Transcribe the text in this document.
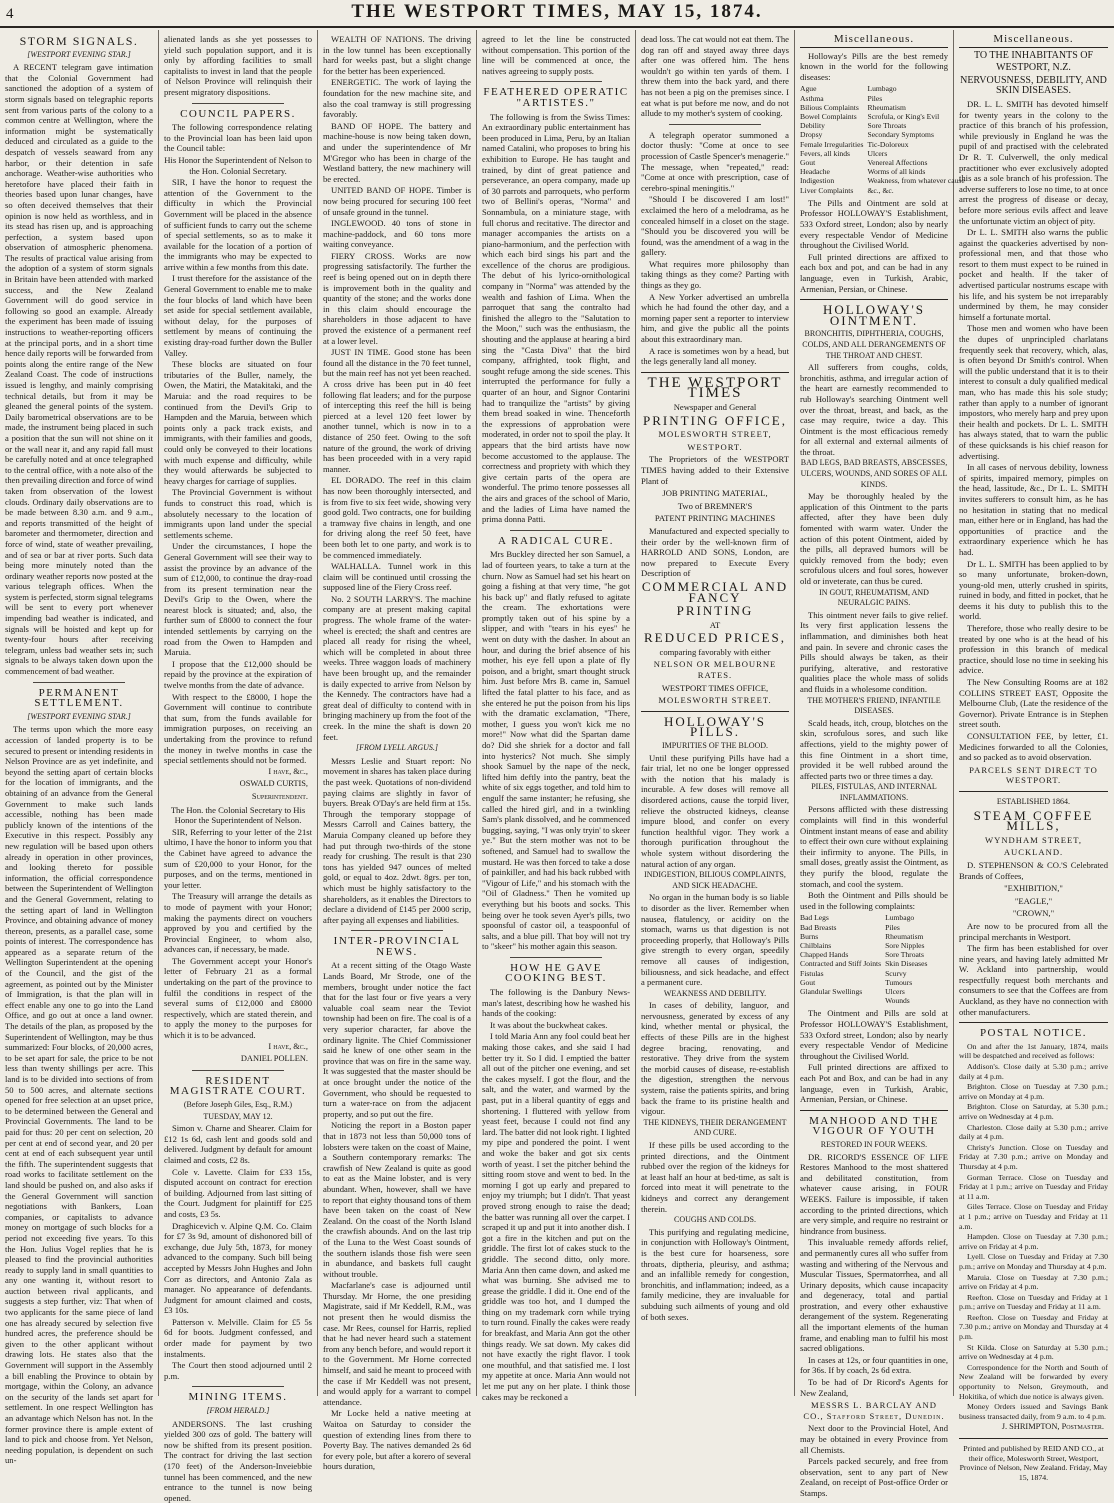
4	THE WESTPORT TIMES, MAY 15, 1874.
STORM SIGNALS.
[WESTPORT EVENING STAR.]

A RECENT telegram gave intimation that the Colonial Government had sanctioned the adoption of a system of storm signals based on telegraphic reports sent from various parts of the colony to a common centre at Wellington, where the information might be systematically deduced and circulated as a guide to the despatch of vessels seaward from any harbor, or their detention in safe anchorage. Weather-wise authorities who heretofore have placed their faith in theories based upon lunar changes, have so often deceived themselves that their opinion is now held as worthless, and in its stead has risen up, and is approaching perfection, a system based upon observation of atmospheric phenomena. The results of practical value arising from the adoption of a system of storm signals in Britain have been attended with marked success, and the New Zealand Government will do good service in following so good an example. Already the experiment has been made of issuing instructions to weather-reporting officers at the principal ports, and in a short time hence daily reports will be forwarded from points along the entire range of the New Zealand Coast. The code of instructions issued is lengthy, and mainly comprising technical details, but from it may be gleaned the general points of the system. Daily barometrical observations are to be made, the instrument being placed in such a position that the sun will not shine on it or the wall near it, and any rapid fall must be carefully noted and at once telegraphed to the central office, with a note also of the then prevailing direction and force of wind taken from observation of the lowest clouds. Ordinary daily observations are to be made between 8.30 a.m. and 9 a.m., and reports transmitted of the height of barometer and thermometer, direction and force of wind, state of weather prevailing, and of sea or bar at river ports. Such data being more minutely noted than the ordinary weather reports now posted at the various telegraph offices. When the system is perfected, storm signal telegrams will be sent to every port whenever impending bad weather is indicated, and signals will be hoisted and kept up for twenty-four hours after receiving telegram, unless bad weather sets in; such signals to be always taken down upon the commencement of bad weather.

PERMANENT SETTLEMENT.
[WESTPORT EVENING STAR.]

The terms upon which the more easy accession of landed property is to be secured to present or intending residents in Nelson Province are as yet indefinite, and beyond the setting apart of certain blocks for the location of immigrants, and the obtaining of an advance from the General Government to make such lands accessible, nothing has been made publicly known of the intentions of the Executive in this respect. Possibly any new regulation will be based upon others already in operation in other provinces, and looking thereto for possible information, the official correspondence between the Superintendent of Wellington and the General Government, relating to the setting apart of land in Wellington Province, and obtaining advance of money thereon, presents, as a parallel case, some points of interest. The correspondence has appeared as a separate return of the Wellington Superintendent at the opening of the Council, and the gist of the agreement, as pointed out by the Minister of Immigration, is that the plan will in effect enable any one to go into the Land Office, and go out at once a land owner. The details of the plan, as proposed by the Superintendent of Wellington, may be thus summarized: Four blocks, of 20,000 acres, to be set apart for sale, the price to be not less than twenty shillings per acre. This land is to be divided into sections of from 50 to 500 acres, and alternate sections opened for free selection at an upset price, to be determined between the General and Provincial Governments. The land to be paid for thus: 20 per cent on selection, 20 per cent at end of second year, and 20 per cent at end of each subsequent year until the fifth. The superintendent suggests that road works to facilitate settlement on the land should be pushed on, and also asks if the General Government will sanction negotiations with Bankers, Loan companies, or capitalists to advance money on mortgage of such blocks for a period not exceeding five years. To this the Hon. Julius Vogel replies that he is pleased to find the provincial authorities ready to supply land in small quantities to any one wanting it, without resort to auction between rival applicants, and suggests a step further, viz: That when of two applicants for the same piece of land one has already secured by selection five hundred acres, the preference should be given to the other applicant without drawing lots. He states also that the Government will support in the Assembly a bill enabling the Province to obtain by mortgage, within the Colony, an advance on the security of the lands set apart for settlement. In one respect Wellington has an advantage which Nelson has not. In the former province there is ample extent of land to pick and choose from. Yet Nelson, needing population, is dependent on such un-

alienated lands as she yet possesses to yield such population support, and it is only by affording facilities to small capitalists to invest in land that the people of Nelson Province will relinquish their present migratory dispositions.

COUNCIL PAPERS.

The following correspondence relating to the Provincial loan has been laid upon the Council table:

His Honor the Superintendent of Nelson to the Hon. Colonial Secretary.

SIR, I have the honor to request the attention of the Government to the difficulty in which the Provincial Government will be placed in the absence of sufficient funds to carry out the scheme of special settlements, so as to make it available for the location of a portion of the immigrants who may be expected to arrive within a few months from this date.

I trust therefore for the assistance of the General Government to enable me to make the four blocks of land which have been set aside for special settlement available, without delay, for the purposes of settlement by means of continuing the existing dray-road further down the Buller Valley.

These blocks are situated on four tributaries of the Buller, namely, the Owen, the Matiri, the Matakitaki, and the Maruia: and the road requires to be continued from the Devil's Grip to Hampden and the Maruia, between which points only a pack track exists, and immigrants, with their families and goods, could only be conveyed to their locations with much expense and difficulty, while they would afterwards be subjected to heavy charges for carriage of supplies.

The Provincial Government is without funds to construct this road, which is absolutely necessary to the location of immigrants upon land under the special settlements scheme.

Under the circumstances, I hope the General Government will see their way to assist the province by an advance of the sum of £12,000, to continue the dray-road from its present termination near the Devil's Grip to the Owen, where the nearest block is situated; and, also, the further sum of £8000 to connect the four intended settlements by carrying on the road from the Owen to Hampden and Maruia.

I propose that the £12,000 should be repaid by the province at the expiration of twelve months from the date of advance.

With respect to the £8000, I hope the Government will continue to contribute that sum, from the funds available for immigration purposes, on receiving an undertaking from the province to refund the money in twelve months in case the special settlements should not be formed.

I have, &c.,
OSWALD CURTIS,
Superintendent.

The Hon. the Colonial Secretary to His Honor the Superintendent of Nelson.

SIR, Referring to your letter of the 21st ultimo, I have the honor to inform you that the Cabinet have agreed to advance the sum of £20,000 to your Honor, for the purposes, and on the terms, mentioned in your letter.

The Treasury will arrange the details as to mode of payment with your Honor; making the payments direct on vouchers approved by you and certified by the Provincial Engineer, to whom also, advances can, if necessary, be made.

The Government accept your Honor's letter of February 21 as a formal undertaking on the part of the province to fulfil the conditions in respect of the several sums of £12,000 and £8000 respectively, which are stated therein, and to apply the money to the purposes for which it is to be advanced.

I have, &c.,
DANIEL POLLEN.
RESIDENT MAGISTRATE COURT.
(Before Joseph Giles, Esq., R.M.)
TUESDAY, MAY 12.

Simon v. Charne and Shearer. Claim for £12 1s 6d, cash lent and goods sold and delivered. Judgment by default for amount claimed and costs, £2 8s.

Cole v. Lavette. Claim for £33 15s, disputed account on contract for erection of building. Adjourned from last sitting of the Court. Judgment for plaintiff for £25 and costs, £3 5s.

Draghicevich v. Alpine Q.M. Co. Claim for £7 3s 9d, amount of dishonored bill of exchange, due July 5th, 1873, for money advanced to the company. Such bill being accepted by Messrs John Hughes and John Corr as directors, and Antonio Zala as manager. No appearance of defendants. Judgment for amount claimed and costs, £3 10s.

Patterson v. Melville. Claim for £5 5s 6d for boots. Judgment confessed, and order made for payment by two instalments.

The Court then stood adjourned until 2 p.m.

MINING ITEMS.
[FROM HERALD.]

ANDERSONS. The last crushing yielded 300 ozs of gold. The battery will now be shifted from its present position. The contract for driving the last section (170 feet) of the Anderson-Inveiebbie tunnel has been commenced, and the new entrance to the tunnel is now being opened.

WEALTH OF NATIONS. The driving in the low tunnel has been exceptionally hard for weeks past, but a slight change for the better has been experienced.

ENERGETIC. The work of laying the foundation for the new machine site, and also the coal tramway is still progressing favorably.

BAND OF HOPE. The battery and machine-house is now being taken down, and under the superintendence of Mr M'Gregor who has been in charge of the Westland battery, the new machinery will be erected.

UNITED BAND OF HOPE. Timber is now being procured for securing 100 feet of unsafe ground in the tunnel.

INGLEWOOD. 40 tons of stone in machine-paddock, and 60 tons more waiting conveyance.

FIERY CROSS. Works are now progressing satisfactorily. The further the reef is being opened out on in depth there is improvement both in the quality and quantity of the stone; and the works done in this claim should encourage the shareholders in those adjacent to have proved the existence of a permanent reef at a lower level.

JUST IN TIME. Good stone has been found all the distance in the 70 feet tunnel, but the main reef has not yet been reached. A cross drive has been put in 40 feet following flat leaders; and for the purpose of intercepting this reef the hill is being pierced at a level 120 feet lower by another tunnel, which is now in to a distance of 250 feet. Owing to the soft nature of the ground, the work of driving has been proceeded with in a very rapid manner.

EL DORADO. The reef in this claim has now been thoroughly intersected, and is from five to six feet wide, showing very good gold. Two contracts, one for building a tramway five chains in length, and one for driving along the reef 50 feet, have been both let to one party, and work is to be commenced immediately.

WALHALLA. Tunnel work in this claim will be continued until crossing the supposed line of the Fiery Cross reef.

No. 2 SOUTH LARRY'S. The machine company are at present making capital progress. The whole frame of the water-wheel is erected; the shaft and centres are placed all ready for rising the wheel, which will be completed in about three weeks. Three waggon loads of machinery have been brought up, and the remainder is daily expected to arrive from Nelson by the Kennedy. The contractors have had a great deal of difficulty to contend with in bringing machinery up from the foot of the creek. In the mine the shaft is down 20 feet.

[FROM LYELL ARGUS.]

Messrs Leslie and Stuart report: No movement in shares has taken place during the past week. Quotations of non-dividend paying claims are slightly in favor of buyers. Break O'Day's are held firm at 15s. Through the temporary stoppage of Messrs Carroll and Caines battery, the Maruia Company cleaned up before they had put through two-thirds of the stone ready for crushing. The result is that 230 tons has yielded 947 ounces of melted gold, or equal to 4oz. 2dwt. 8grs. per ton, which must be highly satisfactory to the shareholders, as it enables the Directors to declare a dividend of £145 per 2000 scrip, after paying all expenses and liabilities.

INTER-PROVINCIAL NEWS.

At a recent sitting of the Otago Waste Lands Board, Mr Strode, one of the members, brought under notice the fact that for the last four or five years a very valuable coal seam near the Teviot township had been on fire. The coal is of a very superior character, far above the ordinary lignite. The Chief Commissioner said he knew of one other seam in the province that was on fire in the same way. It was suggested that the master should be at once brought under the notice of the Government, who should be requested to turn a water-race on from the adjacent property, and so put out the fire.

Noticing the report in a Boston paper that in 1873 not less than 50,000 tons of lobsters were taken on the coast of Maine, a Southern contemporary remarks: The crawfish of New Zealand is quite as good to eat as the Maine lobster, and is very abundant. When, however, shall we have to report that eighty thousand tons of them have been taken on the coast of New Zealand. On the coast of the North Island the crawfish abounds. And on the last trip of the Luna to the West Coast sounds of the southern islands those fish were seen in abundance, and baskets full caught without trouble.

Macfarlane's case is adjourned until Thursday. Mr Horne, the one presiding Magistrate, said if Mr Keddell, R.M., was not present then he would dismiss the case. Mr Rees, counsel for Harris, replied that he had never heard such a statement from any bench before, and would report it to the Government. Mr Horne corrected himself, and said he meant to proceed with the case if Mr Keddell was not present, and would apply for a warrant to compel attendance.

Mr Locke held a native meeting at Waitoa on Saturday to consider the question of extending lines from there to Poverty Bay. The natives demanded 2s 6d for every pole, but after a korero of several hours duration,

agreed to let the line be constructed without compensation. This portion of the line will be commenced at once, the natives agreeing to supply posts.

FEATHERED OPERATIC "ARTISTES."

The following is from the Swiss Times: An extraordinary public entertainment has been produced in Lima, Peru, by an Italian named Catalini, who proposes to bring his exhibition to Europe. He has taught and trained, by dint of great patience and perseverance, an opera company, made up of 30 parrots and parroquets, who perform two of Bellini's operas, "Norma" and Sonnambula, on a miniature stage, with full chorus and recitative. The director and manager accompanies the artists on a piano-harmonium, and the perfection with which each bird sings his part and the excellence of the chorus are prodigious. The debut of his lyrico-ornithological company in "Norma" was attended by the wealth and fashion of Lima. When the parroquet that sang the contralto had finished the allegro to the "Salutation to the Moon," such was the enthusiasm, the shouting and the applause at hearing a bird sing the "Casta Diva" that the bird company, affrighted, took flight, and sought refuge among the side scenes. This interrupted the performance for fully a quarter of an hour, and Signor Contarini had to tranquilize the "artists" by giving them bread soaked in wine. Thenceforth the expressions of approbation were moderated, in order not to spoil the play. It appears that the bird artists have now become accustomed to the applause. The correctness and propriety with which they give certain parts of the opera are wonderful. The primo tenore possesses all the airs and graces of the school of Mario, and the ladies of Lima have named the prima donna Patti.

A RADICAL CURE.

Mrs Buckley directed her son Samuel, a lad of fourteen years, to take a turn at the churn. Now as Samuel had set his heart on going a fishing at that very time, "he got his back up" and flatly refused to agitate the cream. The exhortations were promptly taken out of his spine by a slipper, and with "tears in his eyes" he went on duty with the dasher. In about an hour, and during the brief absence of his mother, his eye fell upon a plate of fly poison, and a bright, smart thought struck him. Just before Mrs B. came in, Samuel lifted the fatal platter to his face, and as she entered he put the poison from his lips with the dramatic exclamation, "There, mother, I guess you won't kick me no more!" Now what did the Spartan dame do? Did she shriek for a doctor and fall into hysterics? Not much. She simply shook Samuel by the nape of the neck, lifted him deftly into the pantry, beat the white of six eggs together, and told him to engulf the same instanter; he refusing, she called the hired girl, and in a twinkling Sam's plank dissolved, and he commenced bugging, saying, "I was only tryin' to skeer ye." But the stern mother was not to be softened, and Samuel had to swallow the mustard. He was then forced to take a dose of painkiller, and had his back rubbed with "Vigour of Life," and his stomach with the "Oil of Gladness." Then he vomited up everything but his boots and socks. This being over he took seven Ayer's pills, two spoonsful of castor oil, a teaspoonful of salts, and a blue pill. That boy will not try to "skeer" his mother again this season.

HOW HE GAVE COOKING BEST.

The following is the Danbury News-man's latest, describing how he washed his hands of the cooking:

It was about the buckwheat cakes.

I told Maria Ann any fool could beat her making those cakes, and she said I had better try it. So I did. I emptied the batter all out of the pitcher one evening, and set the cakes myself. I got the flour, and the salt, and the water, and warmed by the past, put in a liberal quantity of eggs and shortening. I fluttered with yellow from yeast feet, because I could not find any lard. The batter did not look right. I lighted my pipe and pondered the point. I went and woke the baker and got six cents worth of yeast. I set the pitcher behind the sitting room stove and went to bed. In the morning I got up early and prepared to enjoy my triumph; but I didn't. That yeast proved strong enough to raise the dead; the batter was running all over the carpet. I scraped it up and put it into another dish. I got a fire in the kitchen and put on the griddle. The first lot of cakes stuck to the griddle. The second ditto, only more. Maria Ann then came down, and asked me what was burning. She advised me to grease the griddle. I did it. One end of the griddle was too hot, and I dumped the thing on my trademark corn while trying to turn round. Finally the cakes were ready for breakfast, and Maria Ann got the other things ready. We sat down. My cakes did not have exactly the right flavor. I took one mouthful, and that satisfied me. I lost my appetite at once. Maria Ann would not let me put any on her plate. I think those cakes may be reckoned a

dead loss. The cat would not eat them. The dog ran off and stayed away three days after one was offered him. The hens wouldn't go within ten yards of them. I threw them into the back yard, and there has not been a pig on the premises since. I eat what is put before me now, and do not allude to my mother's system of cooking.

A telegraph operator summoned a doctor thusly: "Come at once to see procession of Castle Spencer's menagerie." The message, when "repeated," read: "Come at once with prescription, case of cerebro-spinal meningitis."

"Should I be discovered I am lost!" exclaimed the hero of a melodrama, as he concealed himself in a closet on the stage. "Should you be discovered you will be found, was the amendment of a wag in the gallery.

What requires more philosophy than taking things as they come? Parting with things as they go.

A New Yorker advertised an umbrella which he had found the other day, and a morning paper sent a reporter to interview him, and give the public all the points about this extraordinary man.

A race is sometimes won by a head, but the legs generally land all money.

THE WESTPORT TIMES
Newspaper and General
PRINTING OFFICE,
MOLESWORTH STREET,
WESTPORT.

The Proprietors of the WESTPORT TIMES having added to their Extensive Plant of

JOB PRINTING MATERIAL,
Two of BREMNER'S
PATENT PRINTING MACHINES

Manufactured and expected specially to their order by the well-known firm of HARROLD AND SONS, London, are now prepared to Execute Every Description of

COMMERCIAL AND FANCY
PRINTING
AT
REDUCED PRICES,
comparing favorably with either
NELSON OR MELBOURNE RATES.
WESTPORT TIMES OFFICE,
MOLESWORTH STREET.
HOLLOWAY'S PILLS.
IMPURITIES OF THE BLOOD.

Until these purifying Pills have had a fair trial, let no one be longer oppressed with the notion that his malady is incurable. A few doses will remove all disordered actions, cause the torpid liver, relieve the obstructed kidneys, cleanse impure blood, and confer on every function healthful vigor. They work a thorough purification throughout the whole system without disordering the natural action of any organ.

INDIGESTION, BILIOUS COMPLAINTS, AND SICK HEADACHE.

No organ in the human body is so liable to disorder as the liver. Remember when nausea, flatulency, or acidity on the stomach, warns us that digestion is not proceeding properly, that Holloway's Pills give strength to every organ, speedily remove all causes of indigestion, biliousness, and sick headache, and effect a permanent cure.

WEAKNESS AND DEBILITY.

In cases of debility, languor, and nervousness, generated by excess of any kind, whether mental or physical, the effects of these Pills are in the highest degree bracing, renovating, and restorative. They drive from the system the morbid causes of disease, re-establish the digestion, strengthen the nervous system, raise the patients spirits, and bring back the frame to its pristine health and vigour.

THE KIDNEYS, THEIR DERANGEMENT AND CURE.

If these pills be used according to the printed directions, and the Ointment rubbed over the region of the kidneys for at least half an hour at bed-time, as salt is forced into meat it will penetrate to the kidneys and correct any derangement therein.

COUGHS AND COLDS.

This purifying and regulating medicine, in conjunction with Holloway's Ointment, is the best cure for hoarseness, sore throats, diptheria, pleurisy, and asthma; and an infallible remedy for congestion, bronchitis, and inflammation; indeed, as a family medicine, they are invaluable for subduing such ailments of young and old of both sexes.

Miscellaneous.

Holloway's Pills are the best remedy known in the world for the following diseases:

Ague	Lumbago
Asthma	Piles
Bilious Complaints	Rheumatism
Bowel Complaints	Scrofula, or King's Evil
Debility	Sore Throats
Dropsy	Secondary Symptoms
Female Irregularities Tic-Doloreux
Fevers, all kinds	Ulcers
Gout	Venereal Affections
Headache	Worms of all kinds
Indigestion	Weakness, from whatever cause
Liver Complaints	&c., &c.

The Pills and Ointment are sold at Professor HOLLOWAY'S Establishment, 533 Oxford street, London; also by nearly every respectable Vendor of Medicine throughout the Civilised World.

Full printed directions are affixed to each box and pot, and can be had in any language, even in Turkish, Arabic, Armenian, Persian, or Chinese.

HOLLOWAY'S OINTMENT.
BRONCHITIS, DIPHTHERIA, COUGHS, COLDS, AND ALL DERANGEMENTS OF THE THROAT AND CHEST.

All sufferers from coughs, colds, bronchitis, asthma, and irregular action of the heart are earnestly recommended to rub Holloway's searching Ointment well over the throat, breast, and back, as the case may require, twice a day. This Ointment is the most efficacious remedy for all external and external ailments of the throat.

BAD LEGS, BAD BREASTS, ABSCESSES, ULCERS, WOUNDS, AND SORES OF ALL KINDS.

May be thoroughly healed by the application of this Ointment to the parts affected, after they have been duly fomented with warm water. Under the action of this potent Ointment, aided by the pills, all depraved humors will be quickly removed from the body; even scrofulous ulcers and foul sores, however old or inveterate, can thus be cured.

IN GOUT, RHEUMATISM, AND NEURALGIC PAINS.

This ointment never fails to give relief. Its very first application lessens the inflammation, and diminishes both heat and pain. In severe and chronic cases the Pills should always be taken, as their purifying, alterative, and restorative qualities place the whole mass of solids and fluids in a wholesome condition.

THE MOTHER'S FRIEND, INFANTILE DISEASES.

Scald heads, itch, croup, blotches on the skin, scrofulous sores, and such like affections, yield to the mighty power of this fine Ointment in a short time, provided it be well rubbed around the affected parts two or three times a day.

PILES, FISTULAS, AND INTERNAL INFLAMMATIONS.

Persons afflicted with these distressing complaints will find in this wonderful Ointment instant means of ease and ability to effect their own cure without explaining their infirmity to anyone. The Pills, in small doses, greatly assist the Ointment, as they purify the blood, regulate the stomach, and cool the system.

Both the Ointment and Pills should be used in the following complaints:

Bad Legs	Lumbago
Bad Breasts	Piles
Burns	Rheumatism
Chilblains	Sore Nipples
Chapped Hands	Sore Throats
Contracted and Stiff Joints Skin Diseases
Fistulas	Scurvy
Gout	Tumours
Glandular Swellings	Ulcers
Wounds

The Ointment and Pills are sold at Professor HOLLOWAY'S Establishment, 533 Oxford street, London; also by nearly every respectable Vendor of Medicine throughout the Civilised World.

Full printed directions are affixed to each Pot and Box, and can be had in any language, even in Turkish, Arabic, Armenian, Persian, or Chinese.

MANHOOD AND THE VIGOUR OF YOUTH
RESTORED IN FOUR WEEKS.

DR. RICORD'S ESSENCE OF LIFE Restores Manhood to the most shattered and debilitated constitution, from whatever cause arising, in FOUR WEEKS. Failure is impossible, if taken according to the printed directions, which are very simple, and require no restraint or hindrance from business.

This invaluable remedy affords relief, and permanently cures all who suffer from wasting and withering of the Nervous and Muscular Tissues, Spermatorrhea, and all Urinary deposits, which cause incapacity and degeneracy, total and partial prostration, and every other exhaustive derangement of the system. Regenerating all the important elements of the human frame, and enabling man to fulfil his most sacred obligations.

In cases at 12s, or four quantities in one, for 36s. If by coach, 2s 6d extra.

To be had of Dr Ricord's Agents for New Zealand,

MESSRS L. BARCLAY AND CO., Stafford Street, Dunedin.

Next door to the Provincial Hotel, And may be obtained in every Province from all Chemists.

Parcels packed securely, and free from observation, sent to any part of New Zealand, on receipt of Post-office Order or Stamps.

Miscellaneous.
TO THE INHABITANTS OF
WESTPORT, N.Z.
NERVOUSNESS, DEBILITY, AND SKIN DISEASES.

DR. L. L. SMITH has devoted himself for twenty years in the colony to the practice of this branch of his profession, while previously in England he was the pupil of and practised with the celebrated Dr R. T. Culverwell, the only medical practitioner who ever exclusively adopted this as a sole branch of his profession. The adverse sufferers to lose no time, to at once arrest the progress of disease or decay, before more serious evils affect and leave the unfortunate victim an object of pity.

Dr L. L. SMITH also warns the public against the quackeries advertised by non-professional men, and that those who resort to them must expect to be ruined in pocket and health. If the taker of advertised particular nostrums escape with his life, and his system be not irreparably undermined by them, he may consider himself a fortunate mortal.

Those men and women who have been the dupes of unprincipled charlatans frequently seek that recovery, which, alas, is often beyond Dr Smith's control. When will the public understand that it is to their interest to consult a duly qualified medical man, who has made this his sole study; rather than apply to a number of ignorant impostors, who merely harp and prey upon their health and pockets. Dr L. L. SMITH has always stated, that to warn the public of these quicksands is his chief reason for advertising.

In all cases of nervous debility, lowness of spirits, impaired memory, pimples on the head, lassitude, &c., Dr L. L. SMITH invites sufferers to consult him, as he has no hesitation in stating that no medical man, either here or in England, has had the opportunities of practice and the extraordinary experience which he has had.

Dr L. L. SMITH has been applied to by so many unfortunate, broken-down, young-old men, utterly crushed in spirits, ruined in body, and fitted in pocket, that he deems it his duty to publish this to the world.

Therefore, those who really desire to be treated by one who is at the head of his profession in this branch of medical practice, should lose no time in seeking his advice.

The New Consulting Rooms are at 182 COLLINS STREET EAST, Opposite the Melbourne Club, (Late the residence of the Governor). Private Entrance is in Stephen street south.

CONSULTATION FEE, by letter, £1. Medicines forwarded to all the Colonies, and so packed as to avoid observation.

PARCELS SENT DIRECT TO WESTPORT.
ESTABLISHED 1864.
STEAM COFFEE MILLS,
WYNDHAM STREET,
AUCKLAND.

D. STEPHENSON & CO.'S Celebrated Brands of Coffees,

"EXHIBITION,"
"EAGLE,"
"CROWN,"

Are now to be procured from all the principal merchants in Westport.

The firm has been established for over nine years, and having lately admitted Mr W. Ackland into partnership, would respectfully request both merchants and consumers to see that the Coffees are from Auckland, as they have no connection with other manufacturers.

POSTAL NOTICE.

On and after the 1st January, 1874, mails will be despatched and received as follows:

Addison's. Close daily at 5.30 p.m.; arrive daily at 4 p.m.

Brighton. Close on Tuesday at 7.30 p.m.; arrive on Monday at 4 p.m.

Brighton. Close on Saturday, at 5.30 p.m.; arrive on Wednesday at 4 p.m.

Charleston. Close daily at 5.30 p.m.; arrive daily at 4 p.m.

Christy's Junction. Close on Tuesday and Friday at 7.30 p.m.; arrive on Monday and Thursday at 4 p.m.

Gorman Terrace. Close on Tuesday and Friday at 1 p.m.; arrive on Tuesday and Friday at 11 a.m.

Giles Terrace. Close on Tuesday and Friday at 1 p.m.; arrive on Tuesday and Friday at 11 a.m.

Hampden. Close on Tuesday at 7.30 p.m.; arrive on Friday at 4 p.m.

Lyell. Close on Tuesday and Friday at 7.30 p.m.; arrive on Monday and Thursday at 4 p.m.

Maruia. Close on Tuesday at 7.30 p.m.; arrive on Friday at 4 p.m.

Reefton. Close on Tuesday and Friday at 1 p.m.; arrive on Tuesday and Friday at 11 a.m.

Reefton. Close on Tuesday and Friday at 7.30 p.m.; arrive on Monday and Thursday at 4 p.m.

St Kilda. Close on Saturday at 5.30 p.m.; arrive on Wednesday at 4 p.m.

Correspondence for the North and South of New Zealand will be forwarded by every opportunity to Nelson, Greymouth, and Hokitika, of which due notice is always given.

Money Orders issued and Savings Bank business transacted daily, from 9 a.m. to 4 p.m.

J. SHRIMPTON, Postmaster.

Printed and published by REID AND CO., at their office, Molesworth Street, Westport, Province of Nelson, New Zealand. Friday, May 15, 1874.
